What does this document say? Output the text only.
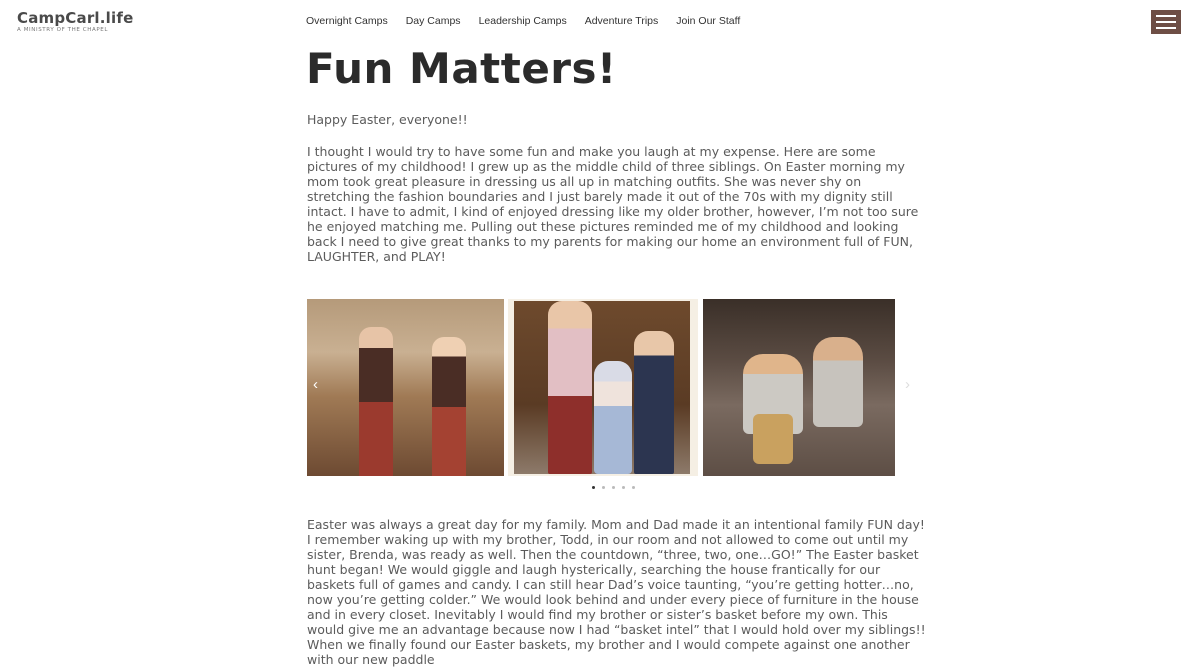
CampCarl.life
A MINISTRY OF THE CHAPEL
Overnight Camps Day Camps Leadership Camps Adventure Trips Join Our Staff
Fun Matters!

Happy Easter, everyone!!

I thought I would try to have some fun and make you laugh at my expense. Here are some pictures of my childhood! I grew up as the middle child of three siblings. On Easter morning my mom took great pleasure in dressing us all up in matching outfits. She was never shy on stretching the fashion boundaries and I just barely made it out of the 70s with my dignity still intact. I have to admit, I kind of enjoyed dressing like my older brother, however, I’m not too sure he enjoyed matching me. Pulling out these pictures reminded me of my childhood and looking back I need to give great thanks to my parents for making our home an environment full of FUN, LAUGHTER, and PLAY!

‹	›

Easter was always a great day for my family. Mom and Dad made it an intentional family FUN day! I remember waking up with my brother, Todd, in our room and not allowed to come out until my sister, Brenda, was ready as well. Then the countdown, “three, two, one…GO!” The Easter basket hunt began! We would giggle and laugh hysterically, searching the house frantically for our baskets full of games and candy. I can still hear Dad’s voice taunting, “you’re getting hotter…no, now you’re getting colder.” We would look behind and under every piece of furniture in the house and in every closet. Inevitably I would find my brother or sister’s basket before my own. This would give me an advantage because now I had “basket intel” that I would hold over my siblings!! When we finally found our Easter baskets, my brother and I would compete against one another with our new paddle
